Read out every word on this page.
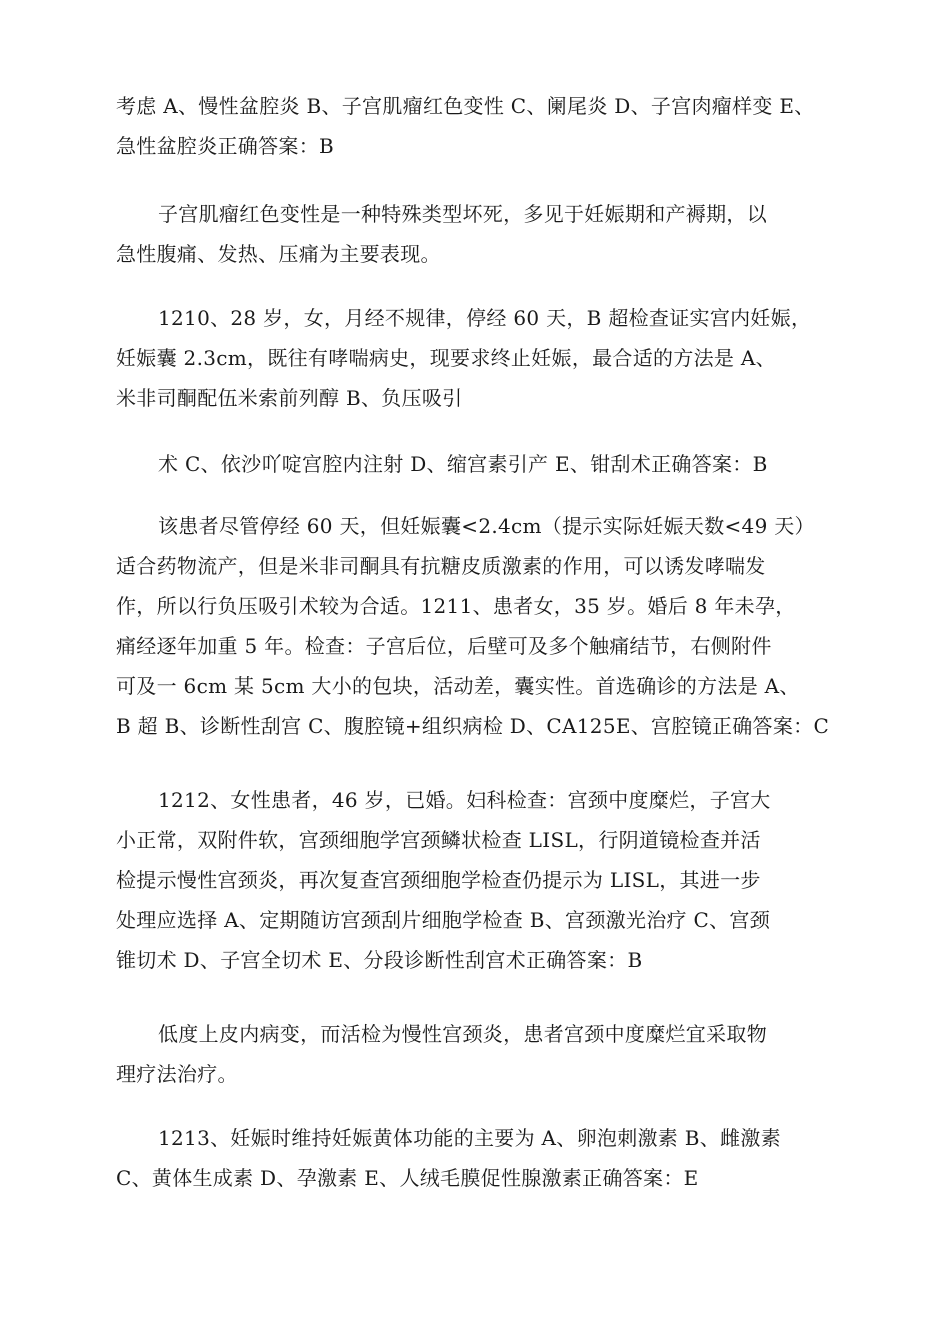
考虑 A、慢性盆腔炎 B、子宫肌瘤红色变性 C、阑尾炎 D、子宫肉瘤样变 E、
急性盆腔炎正确答案：B

子宫肌瘤红色变性是一种特殊类型坏死，多见于妊娠期和产褥期，以
急性腹痛、发热、压痛为主要表现。

1210、28 岁，女，月经不规律，停经 60 天，B 超检查证实宫内妊娠，
妊娠囊 2.3cm，既往有哮喘病史，现要求终止妊娠，最合适的方法是 A、
米非司酮配伍米索前列醇 B、负压吸引

术 C、依沙吖啶宫腔内注射 D、缩宫素引产 E、钳刮术正确答案：B

该患者尽管停经 60 天，但妊娠囊<2.4cm（提示实际妊娠天数<49 天）
适合药物流产，但是米非司酮具有抗糖皮质激素的作用，可以诱发哮喘发
作，所以行负压吸引术较为合适。1211、患者女，35 岁。婚后 8 年未孕，
痛经逐年加重 5 年。检查：子宫后位，后壁可及多个触痛结节，右侧附件
可及一 6cm 某 5cm 大小的包块，活动差，囊实性。首选确诊的方法是 A、
B 超 B、诊断性刮宫 C、腹腔镜+组织病检 D、CA125E、宫腔镜正确答案：C

1212、女性患者，46 岁，已婚。妇科检查：宫颈中度糜烂，子宫大
小正常，双附件软，宫颈细胞学宫颈鳞状检查 LISL，行阴道镜检查并活
检提示慢性宫颈炎，再次复查宫颈细胞学检查仍提示为 LISL，其进一步
处理应选择 A、定期随访宫颈刮片细胞学检查 B、宫颈激光治疗 C、宫颈
锥切术 D、子宫全切术 E、分段诊断性刮宫术正确答案：B

低度上皮内病变，而活检为慢性宫颈炎，患者宫颈中度糜烂宜采取物
理疗法治疗。

1213、妊娠时维持妊娠黄体功能的主要为 A、卵泡刺激素 B、雌激素
C、黄体生成素 D、孕激素 E、人绒毛膜促性腺激素正确答案：E
